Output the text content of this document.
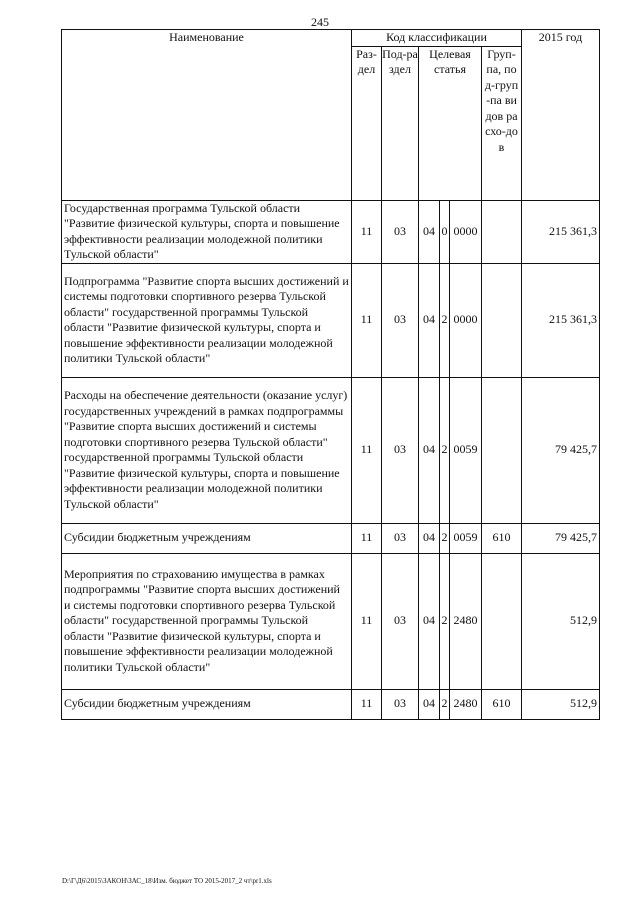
245
Наименование	Код классификации						2015 год
	Раз-дел	Под-раздел	Целевая статья			Груп-па, под-груп-па видов расхо-дов	
Государственная программа Тульской области "Развитие физической культуры, спорта и повышение эффективности реализации молодежной политики Тульской области"	11	03	04	0	0000		215 361,3
Подпрограмма "Развитие спорта высших достижений и системы подготовки спортивного резерва Тульской области" государственной программы Тульской области "Развитие физической культуры, спорта и повышение эффективности реализации молодежной политики Тульской области"	11	03	04	2	0000		215 361,3
Расходы на обеспечение деятельности (оказание услуг) государственных учреждений в рамках подпрограммы "Развитие спорта высших достижений и системы подготовки спортивного резерва Тульской области" государственной программы Тульской области "Развитие физической культуры, спорта и повышение эффективности реализации молодежной политики Тульской области"	11	03	04	2	0059		79 425,7
Субсидии бюджетным учреждениям	11	03	04	2	0059	610	79 425,7
Мероприятия по страхованию имущества в рамках подпрограммы "Развитие спорта высших достижений и системы подготовки спортивного резерва Тульской области" государственной программы Тульской области "Развитие физической культуры, спорта и повышение эффективности реализации молодежной политики Тульской области"	11	03	04	2	2480		512,9
Субсидии бюджетным учреждениям	11	03	04	2	2480	610	512,9
D:\Г\Д6\2015\ЗАКОН\ЗАС_18\Изм. бюджет ТО 2015-2017_2 чт\pr1.xls
